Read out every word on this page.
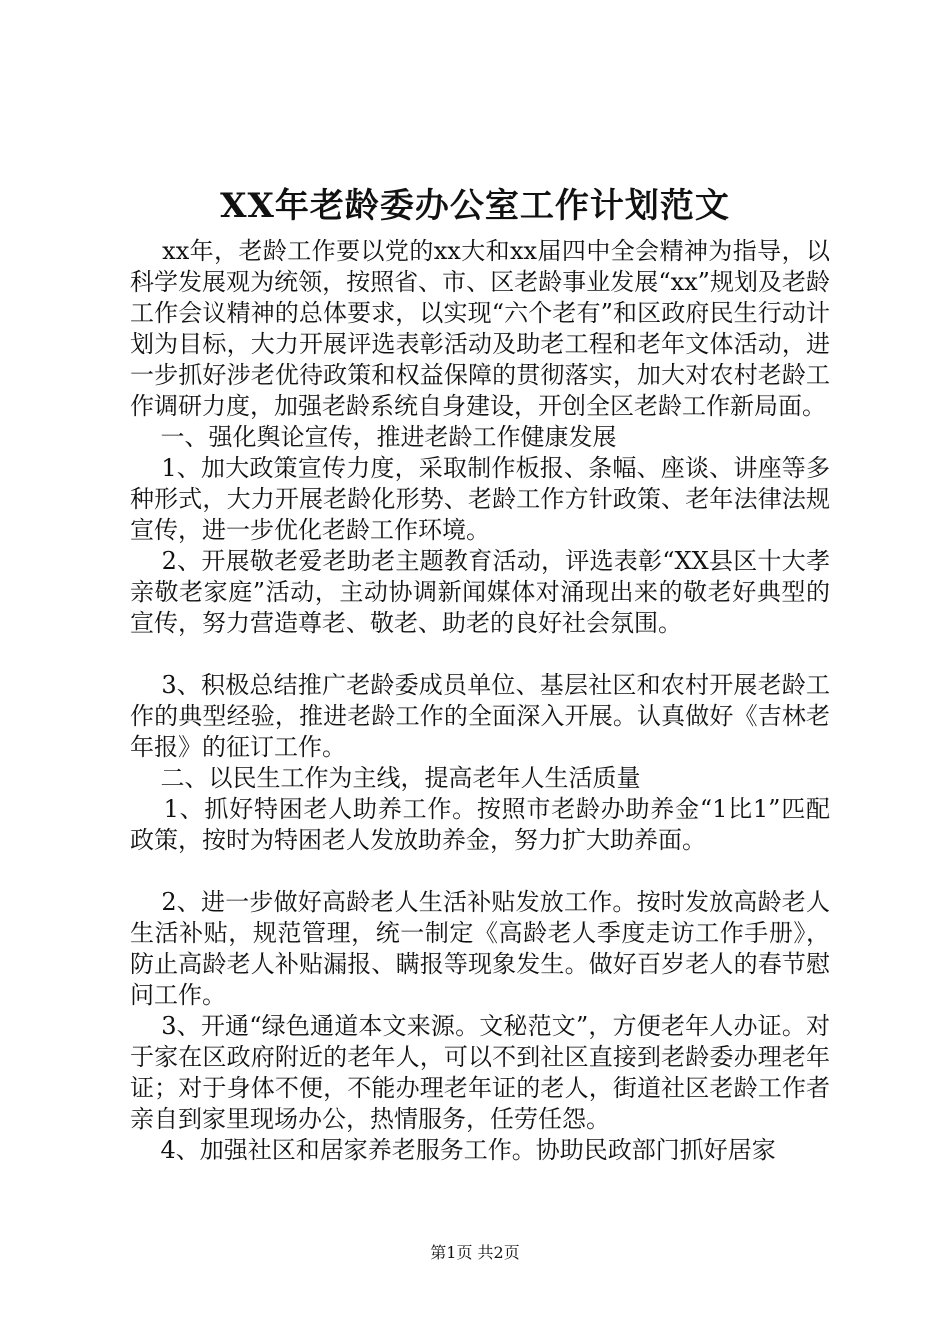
XX年老龄委办公室工作计划范文

xx年，老龄工作要以党的xx大和xx届四中全会精神为指导，以科学发展观为统领，按照省、市、区老龄事业发展“xx”规划及老龄工作会议精神的总体要求，以实现“六个老有”和区政府民生行动计划为目标，大力开展评选表彰活动及助老工程和老年文体活动，进一步抓好涉老优待政策和权益保障的贯彻落实，加大对农村老龄工作调研力度，加强老龄系统自身建设，开创全区老龄工作新局面。

一、强化舆论宣传，推进老龄工作健康发展

1、加大政策宣传力度，采取制作板报、条幅、座谈、讲座等多种形式，大力开展老龄化形势、老龄工作方针政策、老年法律法规宣传，进一步优化老龄工作环境。

2、开展敬老爱老助老主题教育活动，评选表彰“XX县区十大孝亲敬老家庭”活动，主动协调新闻媒体对涌现出来的敬老好典型的宣传，努力营造尊老、敬老、助老的良好社会氛围。

3、积极总结推广老龄委成员单位、基层社区和农村开展老龄工作的典型经验，推进老龄工作的全面深入开展。认真做好《吉林老年报》的征订工作。

二、以民生工作为主线，提高老年人生活质量

1、抓好特困老人助养工作。按照市老龄办助养金“1比1”匹配政策，按时为特困老人发放助养金，努力扩大助养面。

2、进一步做好高龄老人生活补贴发放工作。按时发放高龄老人生活补贴，规范管理，统一制定《高龄老人季度走访工作手册》，防止高龄老人补贴漏报、瞒报等现象发生。做好百岁老人的春节慰问工作。

3、开通“绿色通道本文来源。文秘范文”，方便老年人办证。对于家在区政府附近的老年人，可以不到社区直接到老龄委办理老年证；对于身体不便，不能办理老年证的老人，街道社区老龄工作者亲自到家里现场办公，热情服务，任劳任怨。

4、加强社区和居家养老服务工作。协助民政部门抓好居家

第1页 共2页
